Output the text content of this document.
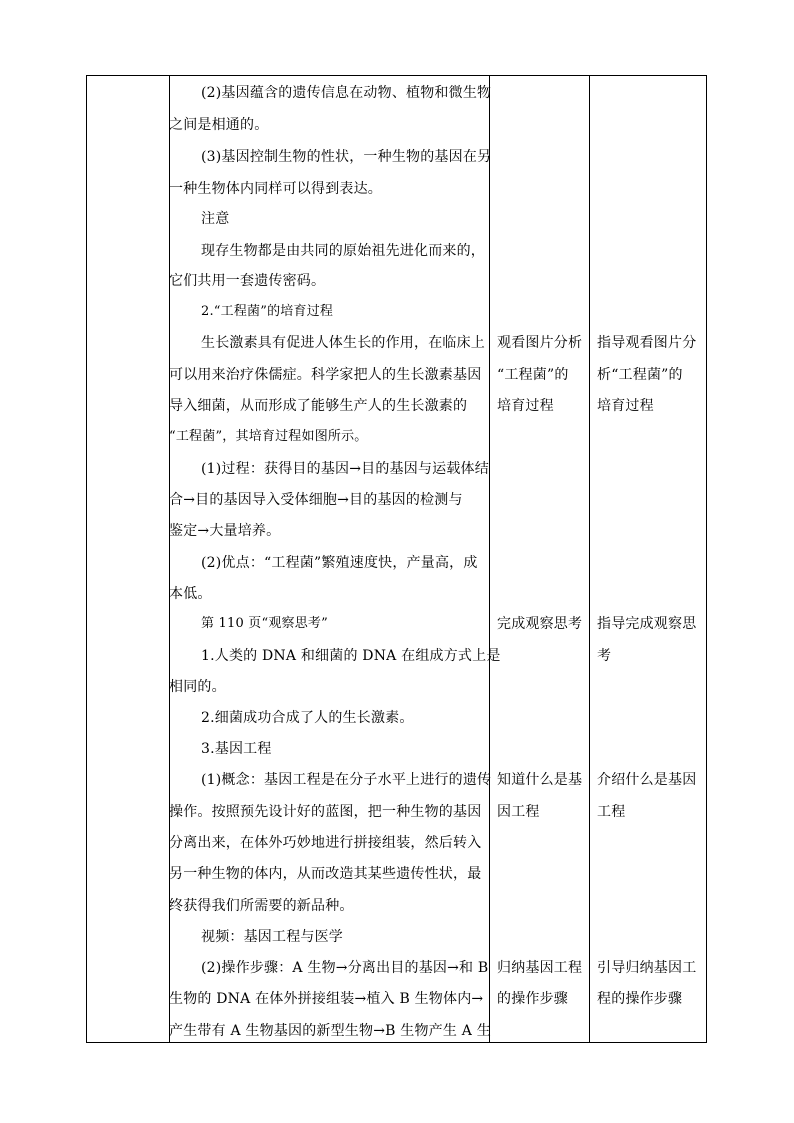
(2)基因蕴含的遗传信息在动物、植物和微生物
之间是相通的。
(3)基因控制生物的性状，一种生物的基因在另
一种生物体内同样可以得到表达。
注意
现存生物都是由共同的原始祖先进化而来的，
它们共用一套遗传密码。
2.“工程菌”的培育过程
生长激素具有促进人体生长的作用，在临床上
可以用来治疗侏儒症。科学家把人的生长激素基因
导入细菌，从而形成了能够生产人的生长激素的
“工程菌”，其培育过程如图所示。
(1)过程：获得目的基因→目的基因与运载体结
合→目的基因导入受体细胞→目的基因的检测与
鉴定→大量培养。
(2)优点：“工程菌”繁殖速度快，产量高，成
本低。
第 110 页“观察思考”
1.人类的 DNA 和细菌的 DNA 在组成方式上是
相同的。
2.细菌成功合成了人的生长激素。
3.基因工程
(1)概念：基因工程是在分子水平上进行的遗传
操作。按照预先设计好的蓝图，把一种生物的基因
分离出来，在体外巧妙地进行拼接组装，然后转入
另一种生物的体内，从而改造其某些遗传性状，最
终获得我们所需要的新品种。
视频：基因工程与医学
(2)操作步骤：A 生物→分离出目的基因→和 B
生物的 DNA 在体外拼接组装→植入 B 生物体内→
产生带有 A 生物基因的新型生物→B 生物产生 A 生
观看图片分析
“工程菌”的
培育过程
完成观察思考
知道什么是基
因工程
归纳基因工程
的操作步骤
指导观看图片分
析“工程菌”的
培育过程
指导完成观察思
考
介绍什么是基因
工程
引导归纳基因工
程的操作步骤
